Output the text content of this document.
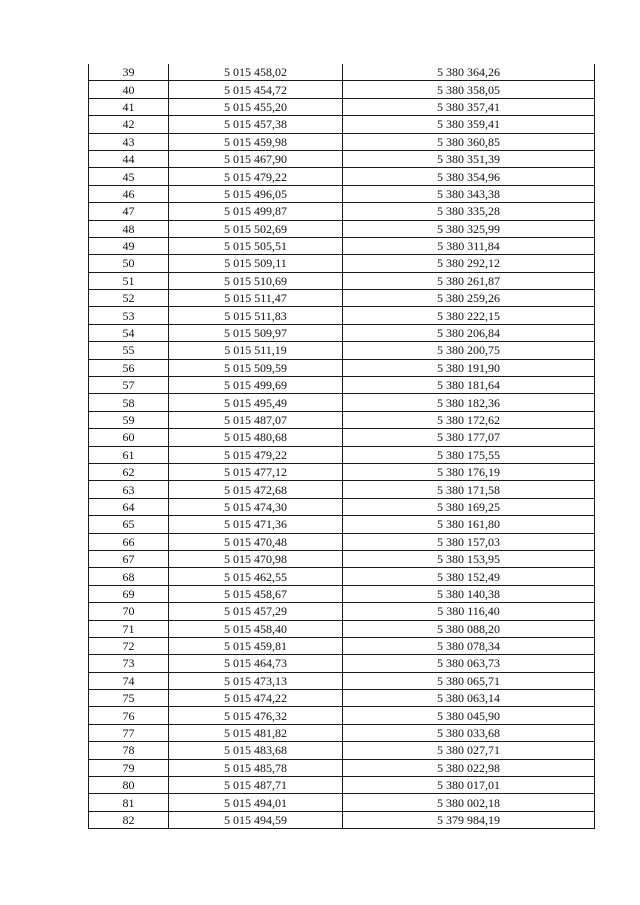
39	5 015 458,02	5 380 364,26
40	5 015 454,72	5 380 358,05
41	5 015 455,20	5 380 357,41
42	5 015 457,38	5 380 359,41
43	5 015 459,98	5 380 360,85
44	5 015 467,90	5 380 351,39
45	5 015 479,22	5 380 354,96
46	5 015 496,05	5 380 343,38
47	5 015 499,87	5 380 335,28
48	5 015 502,69	5 380 325,99
49	5 015 505,51	5 380 311,84
50	5 015 509,11	5 380 292,12
51	5 015 510,69	5 380 261,87
52	5 015 511,47	5 380 259,26
53	5 015 511,83	5 380 222,15
54	5 015 509,97	5 380 206,84
55	5 015 511,19	5 380 200,75
56	5 015 509,59	5 380 191,90
57	5 015 499,69	5 380 181,64
58	5 015 495,49	5 380 182,36
59	5 015 487,07	5 380 172,62
60	5 015 480,68	5 380 177,07
61	5 015 479,22	5 380 175,55
62	5 015 477,12	5 380 176,19
63	5 015 472,68	5 380 171,58
64	5 015 474,30	5 380 169,25
65	5 015 471,36	5 380 161,80
66	5 015 470,48	5 380 157,03
67	5 015 470,98	5 380 153,95
68	5 015 462,55	5 380 152,49
69	5 015 458,67	5 380 140,38
70	5 015 457,29	5 380 116,40
71	5 015 458,40	5 380 088,20
72	5 015 459,81	5 380 078,34
73	5 015 464,73	5 380 063,73
74	5 015 473,13	5 380 065,71
75	5 015 474,22	5 380 063,14
76	5 015 476,32	5 380 045,90
77	5 015 481,82	5 380 033,68
78	5 015 483,68	5 380 027,71
79	5 015 485,78	5 380 022,98
80	5 015 487,71	5 380 017,01
81	5 015 494,01	5 380 002,18
82	5 015 494,59	5 379 984,19
